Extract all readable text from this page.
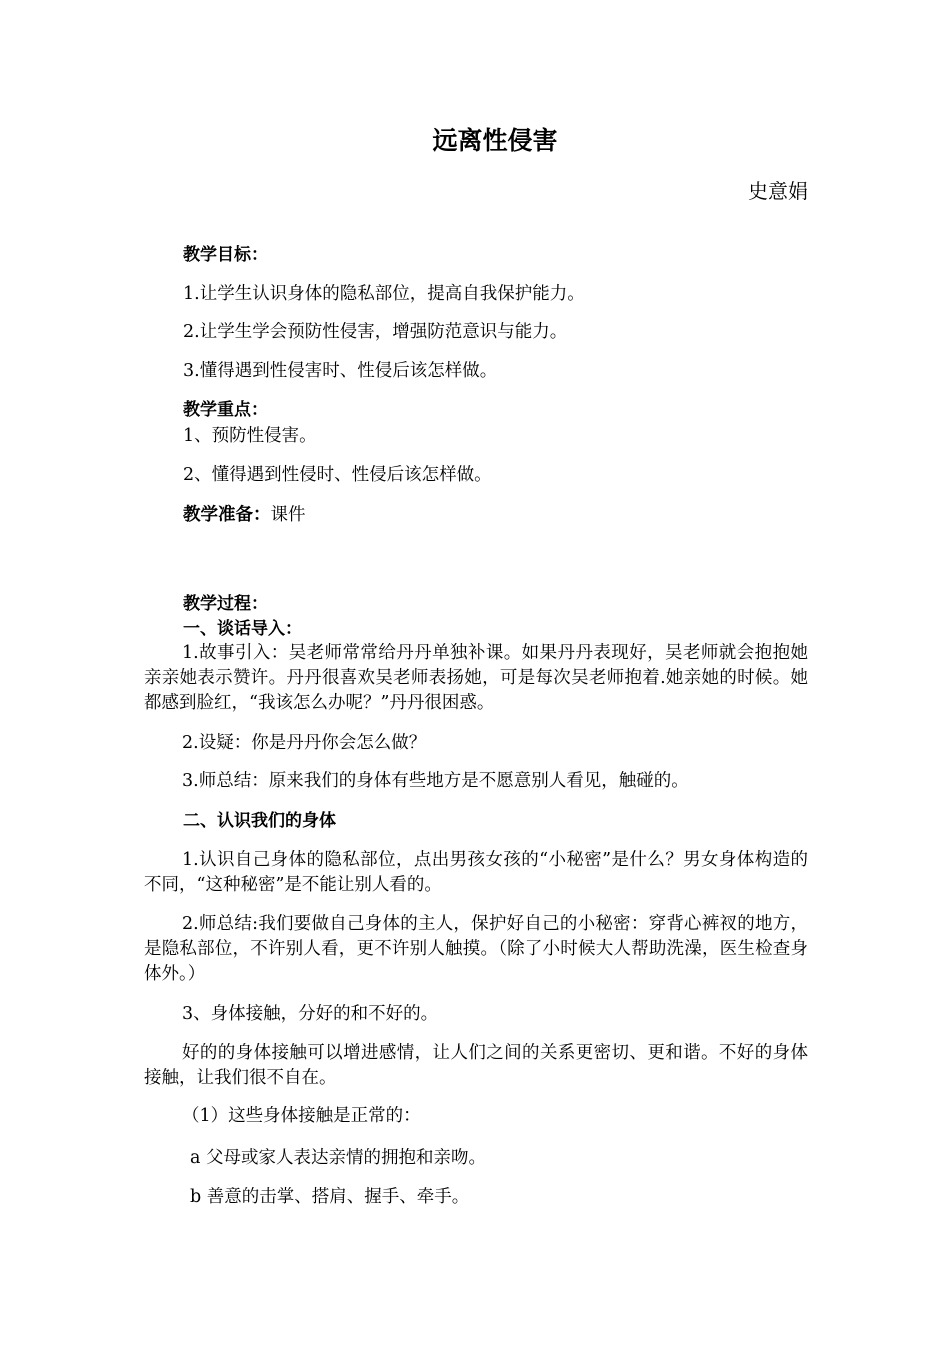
远离性侵害
史意娟
教学目标：
1.让学生认识身体的隐私部位，提高自我保护能力。
2.让学生学会预防性侵害，增强防范意识与能力。
3.懂得遇到性侵害时、性侵后该怎样做。
教学重点：
1、预防性侵害。
2、懂得遇到性侵时、性侵后该怎样做。
教学准备：课件
教学过程：
一、谈话导入：

1.故事引入：吴老师常常给丹丹单独补课。如果丹丹表现好，吴老师就会抱抱她亲亲她表示赞许。丹丹很喜欢吴老师表扬她，可是每次吴老师抱着.她亲她的时候。她都感到脸红，“我该怎么办呢？”丹丹很困惑。

2.设疑：你是丹丹你会怎么做？

3.师总结：原来我们的身体有些地方是不愿意别人看见，触碰的。

二、认识我们的身体

1.认识自己身体的隐私部位，点出男孩女孩的“小秘密”是什么？男女身体构造的不同，“这种秘密”是不能让别人看的。

2.师总结:我们要做自己身体的主人，保护好自己的小秘密：穿背心裤衩的地方，是隐私部位，不许别人看，更不许别人触摸。（除了小时候大人帮助洗澡，医生检查身体外。）

3、身体接触，分好的和不好的。

好的的身体接触可以增进感情，让人们之间的关系更密切、更和谐。不好的身体接触，让我们很不自在。

（1）这些身体接触是正常的：

a 父母或家人表达亲情的拥抱和亲吻。

b 善意的击掌、搭肩、握手、牵手。
